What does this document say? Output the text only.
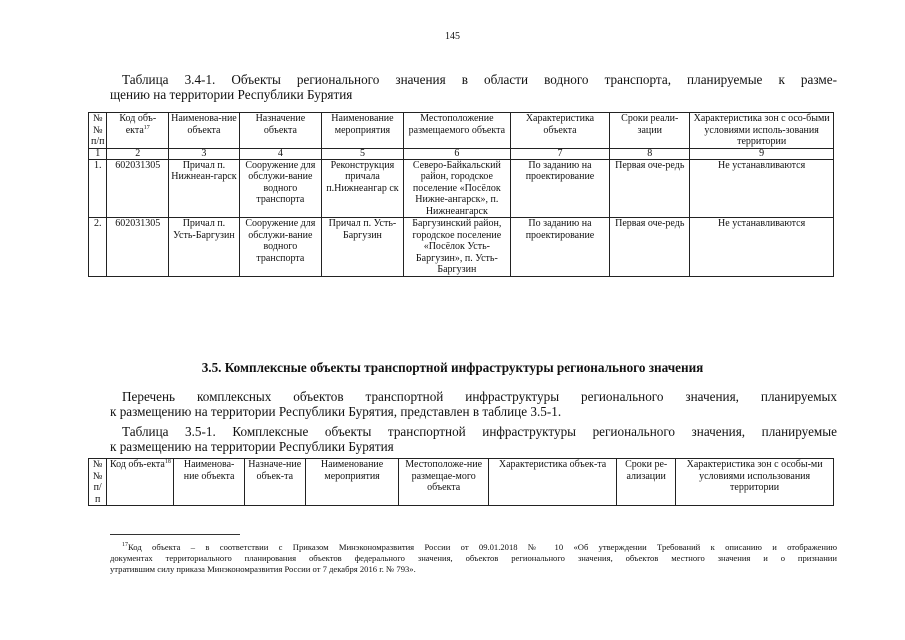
145
Таблица 3.4-1. Объекты регионального значения в области водного транспорта, планируемые к разме-
щению на территории Республики Бурятия
№ № п/п	Код объ-екта$^{17}$	Наименова-ние объекта	Назначение объекта	Наименование мероприятия	Местоположение размещаемого объекта	Характеристика объекта	Сроки реали-зации	Характеристика зон с осо-быми условиями исполь-зования территории
1	2	3	4	5	6	7	8	9
1.	602031305	Причал п. Нижнеан-гарск	Сооружение для обслужи-вание водного транспорта	Реконструкция причала п.Нижнеангар ск	Северо-Байкальский район, городское поселение «Посёлок Нижне-ангарск», п. Нижнеангарск	По заданию на проектирование	Первая оче-редь	Не устанавливаются
2.	602031305	Причал п. Усть-Баргузин	Сооружение для обслужи-вание водного транспорта	Причал п. Усть-Баргузин	Баргузинский район, городское поселение «Посёлок Усть-Баргузин», п. Усть-Баргузин	По заданию на проектирование	Первая оче-редь	Не устанавливаются
3.5. Комплексные объекты транспортной инфраструктуры регионального значения
Перечень комплексных объектов транспортной инфраструктуры регионального значения, планируемых
к размещению на территории Республики Бурятия, представлен в таблице 3.5-1.
Таблица 3.5-1. Комплексные объекты транспортной инфраструктуры регионального значения, планируемые
к размещению на территории Республики Бурятия
№ № п/п	Код объ-екта$^{18}$	Наименова-ние объекта	Назначе-ние объек-та	Наименование мероприятия	Местоположе-ние размещае-мого объекта	Характеристика объек-та	Сроки ре-ализации	Характеристика зон с особы-ми условиями использования территории
$^{17}$Код объекта – в соответствии с Приказом Минэкономразвития России от 09.01.2018 № 10 «Об утверждении Требований к описанию и отображению
документах территориального планирования объектов федерального значения, объектов регионального значения, объектов местного значения и о признании
утратившим силу приказа Минэкономразвития России от 7 декабря 2016 г. № 793».
